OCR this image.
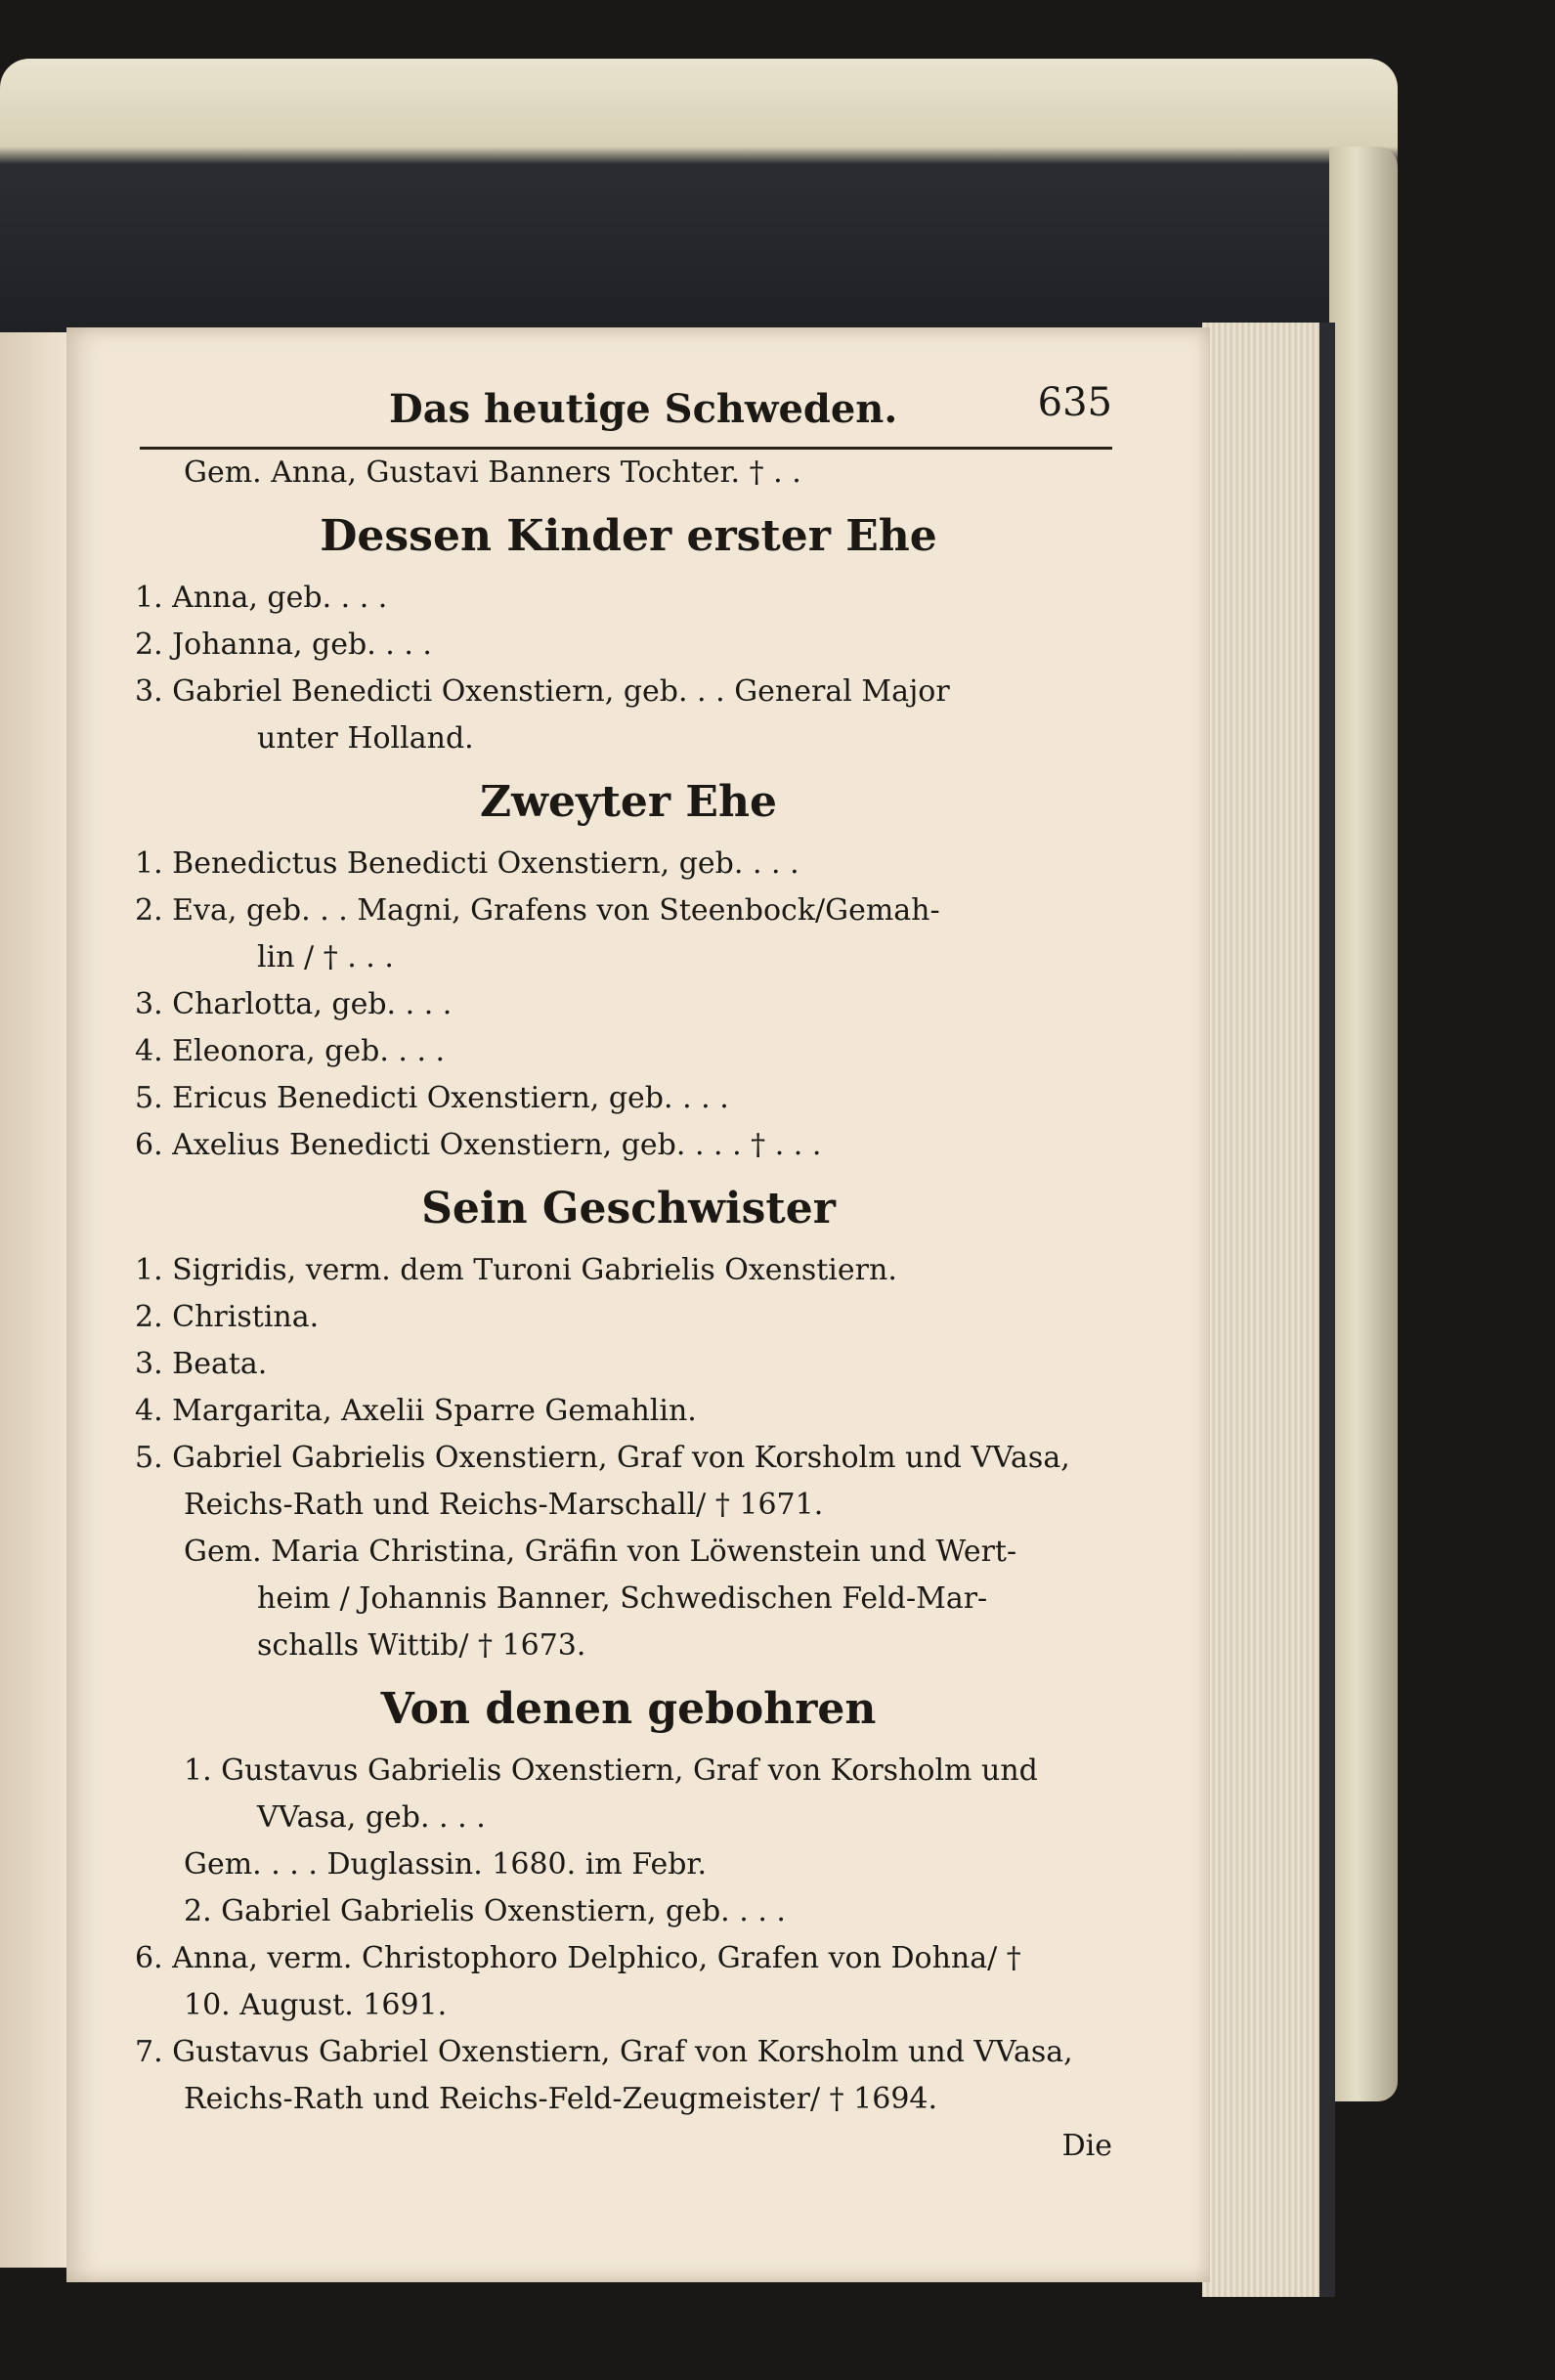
Das heutige Schweden.	635
Gem. Anna, Gustavi Banners Tochter. † . .
Dessen Kinder erster Ehe
1. Anna, geb. . . .
2. Johanna, geb. . . .
3. Gabriel Benedicti Oxenstiern, geb. . . General Major
unter Holland.
Zweyter Ehe
1. Benedictus Benedicti Oxenstiern, geb. . . .
2. Eva, geb. . . Magni, Grafens von Steenbock/Gemah-
lin / † . . .
3. Charlotta, geb. . . .
4. Eleonora, geb. . . .
5. Ericus Benedicti Oxenstiern, geb. . . .
6. Axelius Benedicti Oxenstiern, geb. . . . † . . .
Sein Geschwister
1. Sigridis, verm. dem Turoni Gabrielis Oxenstiern.
2. Christina.
3. Beata.
4. Margarita, Axelii Sparre Gemahlin.
5. Gabriel Gabrielis Oxenstiern, Graf von Korsholm und VVasa,
Reichs-Rath und Reichs-Marschall/ † 1671.
Gem. Maria Christina, Gräfin von Löwenstein und Wert-
heim / Johannis Banner, Schwedischen Feld-Mar-
schalls Wittib/ † 1673.
Von denen gebohren
1. Gustavus Gabrielis Oxenstiern, Graf von Korsholm und
VVasa, geb. . . .
Gem. . . . Duglassin. 1680. im Febr.
2. Gabriel Gabrielis Oxenstiern, geb. . . .
6. Anna, verm. Christophoro Delphico, Grafen von Dohna/ †
10. August. 1691.
7. Gustavus Gabriel Oxenstiern, Graf von Korsholm und VVasa,
Reichs-Rath und Reichs-Feld-Zeugmeister/ † 1694.
Die
